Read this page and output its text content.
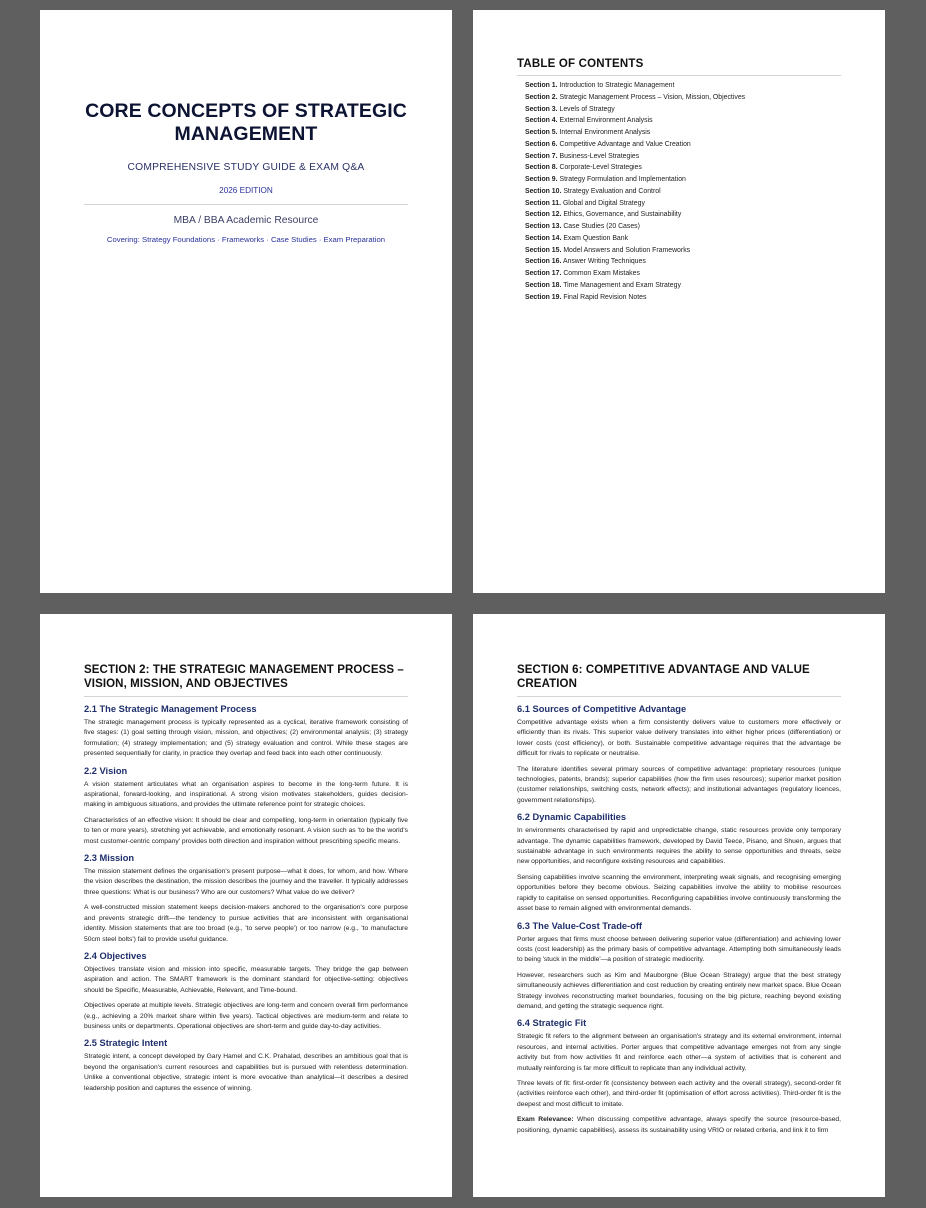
CORE CONCEPTS OF STRATEGIC MANAGEMENT
COMPREHENSIVE STUDY GUIDE & EXAM Q&A
2026 EDITION
MBA / BBA Academic Resource
Covering: Strategy Foundations · Frameworks · Case Studies · Exam Preparation
TABLE OF CONTENTS
Section 1. Introduction to Strategic Management
Section 2. Strategic Management Process – Vision, Mission, Objectives
Section 3. Levels of Strategy
Section 4. External Environment Analysis
Section 5. Internal Environment Analysis
Section 6. Competitive Advantage and Value Creation
Section 7. Business-Level Strategies
Section 8. Corporate-Level Strategies
Section 9. Strategy Formulation and Implementation
Section 10. Strategy Evaluation and Control
Section 11. Global and Digital Strategy
Section 12. Ethics, Governance, and Sustainability
Section 13. Case Studies (20 Cases)
Section 14. Exam Question Bank
Section 15. Model Answers and Solution Frameworks
Section 16. Answer Writing Techniques
Section 17. Common Exam Mistakes
Section 18. Time Management and Exam Strategy
Section 19. Final Rapid Revision Notes
SECTION 2: THE STRATEGIC MANAGEMENT PROCESS – VISION, MISSION, AND OBJECTIVES
2.1 The Strategic Management Process

The strategic management process is typically represented as a cyclical, iterative framework consisting of five stages: (1) goal setting through vision, mission, and objectives; (2) environmental analysis; (3) strategy formulation; (4) strategy implementation; and (5) strategy evaluation and control. While these stages are presented sequentially for clarity, in practice they overlap and feed back into each other continuously.

2.2 Vision

A vision statement articulates what an organisation aspires to become in the long-term future. It is aspirational, forward-looking, and inspirational. A strong vision motivates stakeholders, guides decision-making in ambiguous situations, and provides the ultimate reference point for strategic choices.

Characteristics of an effective vision: It should be clear and compelling, long-term in orientation (typically five to ten or more years), stretching yet achievable, and emotionally resonant. A vision such as 'to be the world's most customer-centric company' provides both direction and inspiration without prescribing specific means.

2.3 Mission

The mission statement defines the organisation's present purpose—what it does, for whom, and how. Where the vision describes the destination, the mission describes the journey and the traveller. It typically addresses three questions: What is our business? Who are our customers? What value do we deliver?

A well-constructed mission statement keeps decision-makers anchored to the organisation's core purpose and prevents strategic drift—the tendency to pursue activities that are inconsistent with organisational identity. Mission statements that are too broad (e.g., 'to serve people') or too narrow (e.g., 'to manufacture 50cm steel bolts') fail to provide useful guidance.

2.4 Objectives

Objectives translate vision and mission into specific, measurable targets. They bridge the gap between aspiration and action. The SMART framework is the dominant standard for objective-setting: objectives should be Specific, Measurable, Achievable, Relevant, and Time-bound.

Objectives operate at multiple levels. Strategic objectives are long-term and concern overall firm performance (e.g., achieving a 20% market share within five years). Tactical objectives are medium-term and relate to business units or departments. Operational objectives are short-term and guide day-to-day activities.

2.5 Strategic Intent

Strategic intent, a concept developed by Gary Hamel and C.K. Prahalad, describes an ambitious goal that is beyond the organisation's current resources and capabilities but is pursued with relentless determination. Unlike a conventional objective, strategic intent is more evocative than analytical—it describes a desired leadership position and captures the essence of winning.

SECTION 6: COMPETITIVE ADVANTAGE AND VALUE CREATION
6.1 Sources of Competitive Advantage

Competitive advantage exists when a firm consistently delivers value to customers more effectively or efficiently than its rivals. This superior value delivery translates into either higher prices (differentiation) or lower costs (cost efficiency), or both. Sustainable competitive advantage requires that the advantage be difficult for rivals to replicate or neutralise.

The literature identifies several primary sources of competitive advantage: proprietary resources (unique technologies, patents, brands); superior capabilities (how the firm uses resources); superior market position (customer relationships, switching costs, network effects); and institutional advantages (regulatory licences, government relationships).

6.2 Dynamic Capabilities

In environments characterised by rapid and unpredictable change, static resources provide only temporary advantage. The dynamic capabilities framework, developed by David Teece, Pisano, and Shuen, argues that sustainable advantage in such environments requires the ability to sense opportunities and threats, seize new opportunities, and reconfigure existing resources and capabilities.

Sensing capabilities involve scanning the environment, interpreting weak signals, and recognising emerging opportunities before they become obvious. Seizing capabilities involve the ability to mobilise resources rapidly to capitalise on sensed opportunities. Reconfiguring capabilities involve continuously transforming the asset base to remain aligned with environmental demands.

6.3 The Value-Cost Trade-off

Porter argues that firms must choose between delivering superior value (differentiation) and achieving lower costs (cost leadership) as the primary basis of competitive advantage. Attempting both simultaneously leads to being 'stuck in the middle'—a position of strategic mediocrity.

However, researchers such as Kim and Mauborgne (Blue Ocean Strategy) argue that the best strategy simultaneously achieves differentiation and cost reduction by creating entirely new market space. Blue Ocean Strategy involves reconstructing market boundaries, focusing on the big picture, reaching beyond existing demand, and getting the strategic sequence right.

6.4 Strategic Fit

Strategic fit refers to the alignment between an organisation's strategy and its external environment, internal resources, and internal activities. Porter argues that competitive advantage emerges not from any single activity but from how activities fit and reinforce each other—a system of activities that is coherent and mutually reinforcing is far more difficult to replicate than any individual activity.

Three levels of fit: first-order fit (consistency between each activity and the overall strategy), second-order fit (activities reinforce each other), and third-order fit (optimisation of effort across activities). Third-order fit is the deepest and most difficult to imitate.

Exam Relevance: When discussing competitive advantage, always specify the source (resource-based, positioning, dynamic capabilities), assess its sustainability using VRIO or related criteria, and link it to firm
